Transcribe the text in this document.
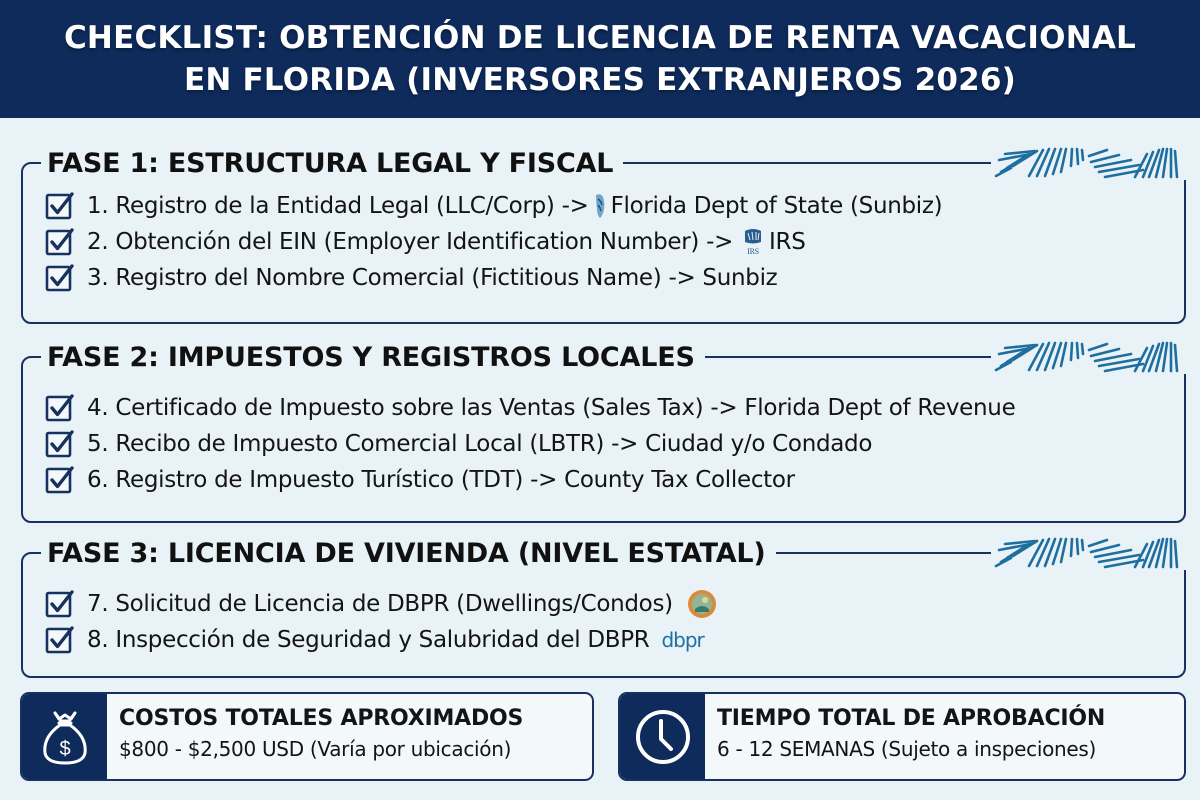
CHECKLIST: OBTENCIÓN DE LICENCIA DE RENTA VACACIONAL
EN FLORIDA (INVERSORES EXTRANJEROS 2026)
FASE 1: ESTRUCTURA LEGAL Y FISCAL
1. Registro de la Entidad Legal (LLC/Corp) -> Florida Dept of State (Sunbiz)
2. Obtención del EIN (Employer Identification Number) -> IRS IRS
3. Registro del Nombre Comercial (Fictitious Name) -> Sunbiz
FASE 2: IMPUESTOS Y REGISTROS LOCALES
4. Certificado de Impuesto sobre las Ventas (Sales Tax) -> Florida Dept of Revenue
5. Recibo de Impuesto Comercial Local (LBTR) -> Ciudad y/o Condado
6. Registro de Impuesto Turístico (TDT) -> County Tax Collector
FASE 3: LICENCIA DE VIVIENDA (NIVEL ESTATAL)
7. Solicitud de Licencia de DBPR (Dwellings/Condos)
8. Inspección de Seguridad y Salubridad del DBPR dbpr
$
COSTOS TOTALES APROXIMADOS
$800 - $2,500 USD (Varía por ubicación)
TIEMPO TOTAL DE APROBACIÓN
6 - 12 SEMANAS (Sujeto a inspeciones)
